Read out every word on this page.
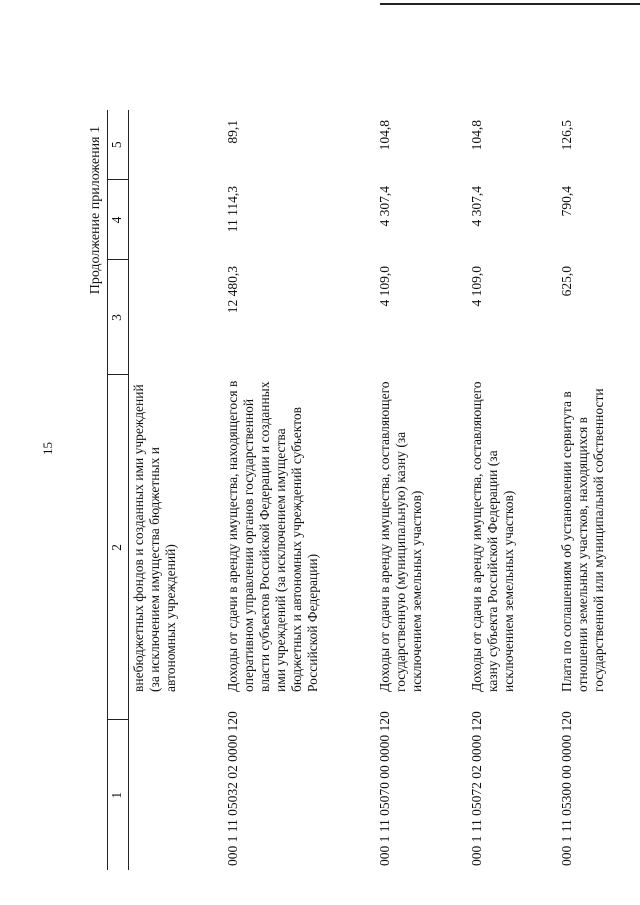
15
Продолжение приложения 1
1	2	3	4	5
	внебюджетных фондов и созданных ими учреждений (за исключением имущества бюджетных и автономных учреждений)			
000 1 11 05032 02 0000 120	Доходы от сдачи в аренду имущества, находящегося в оперативном управлении органов государственной власти субъектов Российской Федерации и созданных ими учреждений (за исключением имущества бюджетных и автономных учреждений субъектов Российской Федерации)	12 480,3	11 114,3	89,1
000 1 11 05070 00 0000 120	Доходы от сдачи в аренду имущества, составляющего государственную (муниципальную) казну (за исключением земельных участков)	4 109,0	4 307,4	104,8
000 1 11 05072 02 0000 120	Доходы от сдачи в аренду имущества, составляющего казну субъекта Российской Федерации (за исключением земельных участков)	4 109,0	4 307,4	104,8
000 1 11 05300 00 0000 120	Плата по соглашениям об установлении сервитута в отношении земельных участков, находящихся в государственной или муниципальной собственности	625,0	790,4	126,5
